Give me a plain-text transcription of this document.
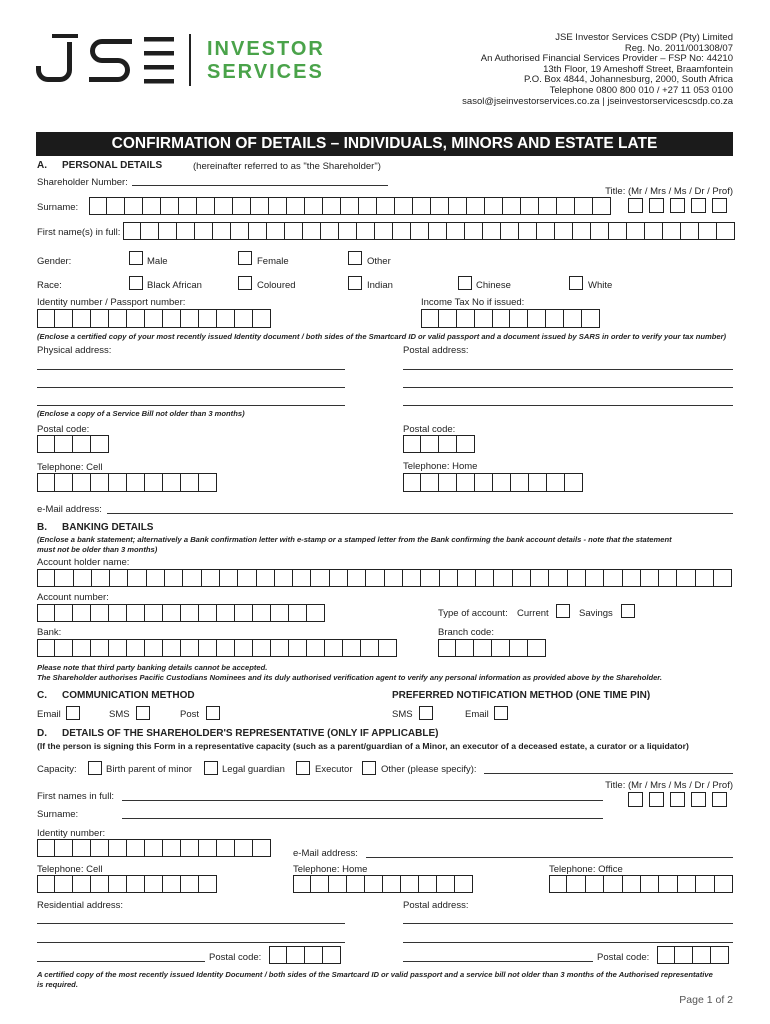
INVESTOR
SERVICES
JSE Investor Services CSDP (Pty) Limited
Reg. No. 2011/001308/07
An Authorised Financial Services Provider – FSP No: 44210
13th Floor, 19 Ameshoff Street, Braamfontein
P.O. Box 4844, Johannesburg, 2000, South Africa
Telephone 0800 800 010 / +27 11 053 0100
sasol@jseinvestorservices.co.za | jseinvestorservicescsdp.co.za
CONFIRMATION OF DETAILS – INDIVIDUALS, MINORS AND ESTATE LATE
A. PERSONAL DETAILS	(hereinafter referred to as "the Shareholder")
Shareholder Number:
Title: (Mr / Mrs / Ms / Dr / Prof)
Surname:
First name(s) in full:
Gender:	Male	Female	Other
Race:	Black African	Coloured	Indian	Chinese	White
Identity number / Passport number:	Income Tax No if issued:
(Enclose a certified copy of your most recently issued Identity document / both sides of the Smartcard ID or valid passport and a document issued by SARS in order to verify your tax number)
Physical address:	Postal address:
(Enclose a copy of a Service Bill not older than 3 months)
Postal code:	Postal code:
Telephone: Cell	Telephone: Home
e-Mail address:
B. BANKING DETAILS
(Enclose a bank statement; alternatively a Bank confirmation letter with e-stamp or a stamped letter from the Bank confirming the bank account details - note that the statement
must not be older than 3 months)
Account holder name:
Account number:
Type of account: Current	Savings
Bank:	Branch code:
Please note that third party banking details cannot be accepted.
The Shareholder authorises Pacific Custodians Nominees and its duly authorised verification agent to verify any personal information as provided above by the Shareholder.
C. COMMUNICATION METHOD	PREFERRED NOTIFICATION METHOD (ONE TIME PIN)
Email	SMS	Post	SMS	Email
D. DETAILS OF THE SHAREHOLDER'S REPRESENTATIVE (ONLY IF APPLICABLE)
(If the person is signing this Form in a representative capacity (such as a parent/guardian of a Minor, an executor of a deceased estate, a curator or a liquidator)
Capacity:	Birth parent of minor	Legal guardian	Executor	Other (please specify):
Title: (Mr / Mrs / Ms / Dr / Prof)
First names in full:
Surname:
Identity number:
e-Mail address:
Telephone: Cell	Telephone: Home	Telephone: Office
Residential address:	Postal address:
Postal code:	Postal code:
A certified copy of the most recently issued Identity Document / both sides of the Smartcard ID or valid passport and a service bill not older than 3 months of the Authorised representative
is required.
Page 1 of 2
